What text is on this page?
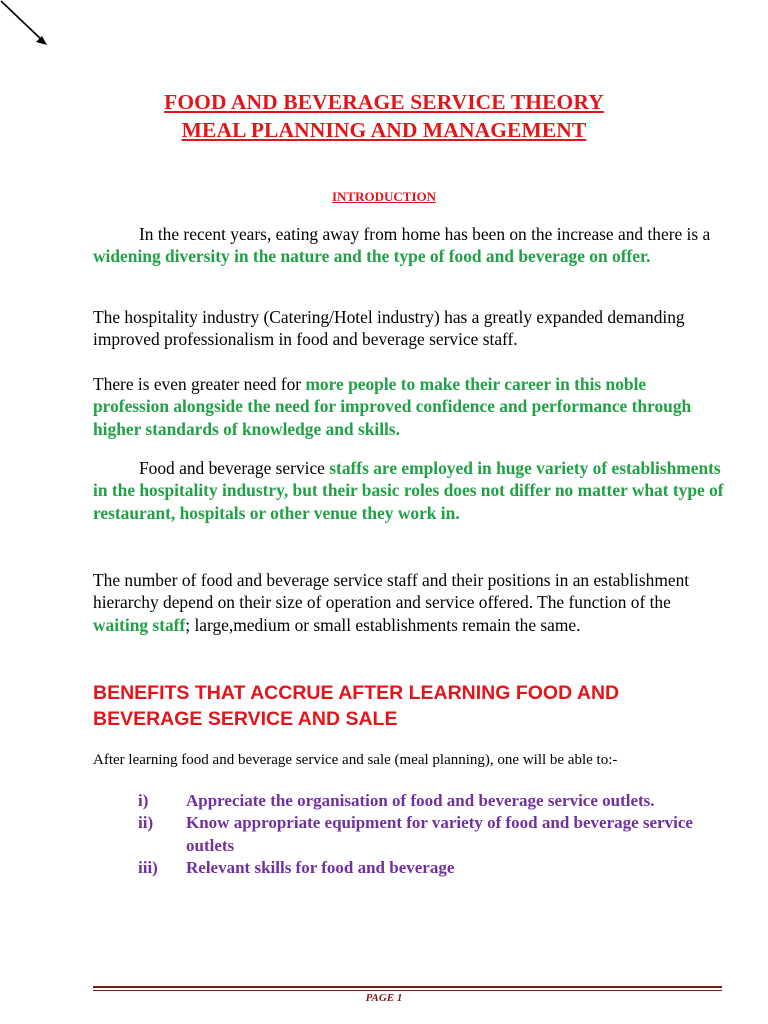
FOOD AND BEVERAGE SERVICE THEORY
MEAL PLANNING AND MANAGEMENT
INTRODUCTION
In the recent years, eating away from home has been on the increase and there is a widening diversity in the nature and the type of food and beverage on offer.
The hospitality industry (Catering/Hotel industry) has a greatly expanded demanding improved professionalism in food and beverage service staff.
There is even greater need for more people to make their career in this noble profession alongside the need for improved confidence and performance through higher standards of knowledge and skills.
Food and beverage service staffs are employed in huge variety of establishments in the hospitality industry, but their basic roles does not differ no matter what type of restaurant, hospitals or other venue they work in.
The number of food and beverage service staff and their positions in an establishment hierarchy depend on their size of operation and service offered. The function of the waiting staff; large,medium or small establishments remain the same.
BENEFITS THAT ACCRUE AFTER LEARNING FOOD AND BEVERAGE SERVICE AND SALE
After learning food and beverage service and sale (meal planning), one will be able to:-
i)	Appreciate the organisation of food and beverage service outlets.
ii)	Know appropriate equipment for variety of food and beverage service outlets
iii)	Relevant skills for food and beverage
PAGE 1
